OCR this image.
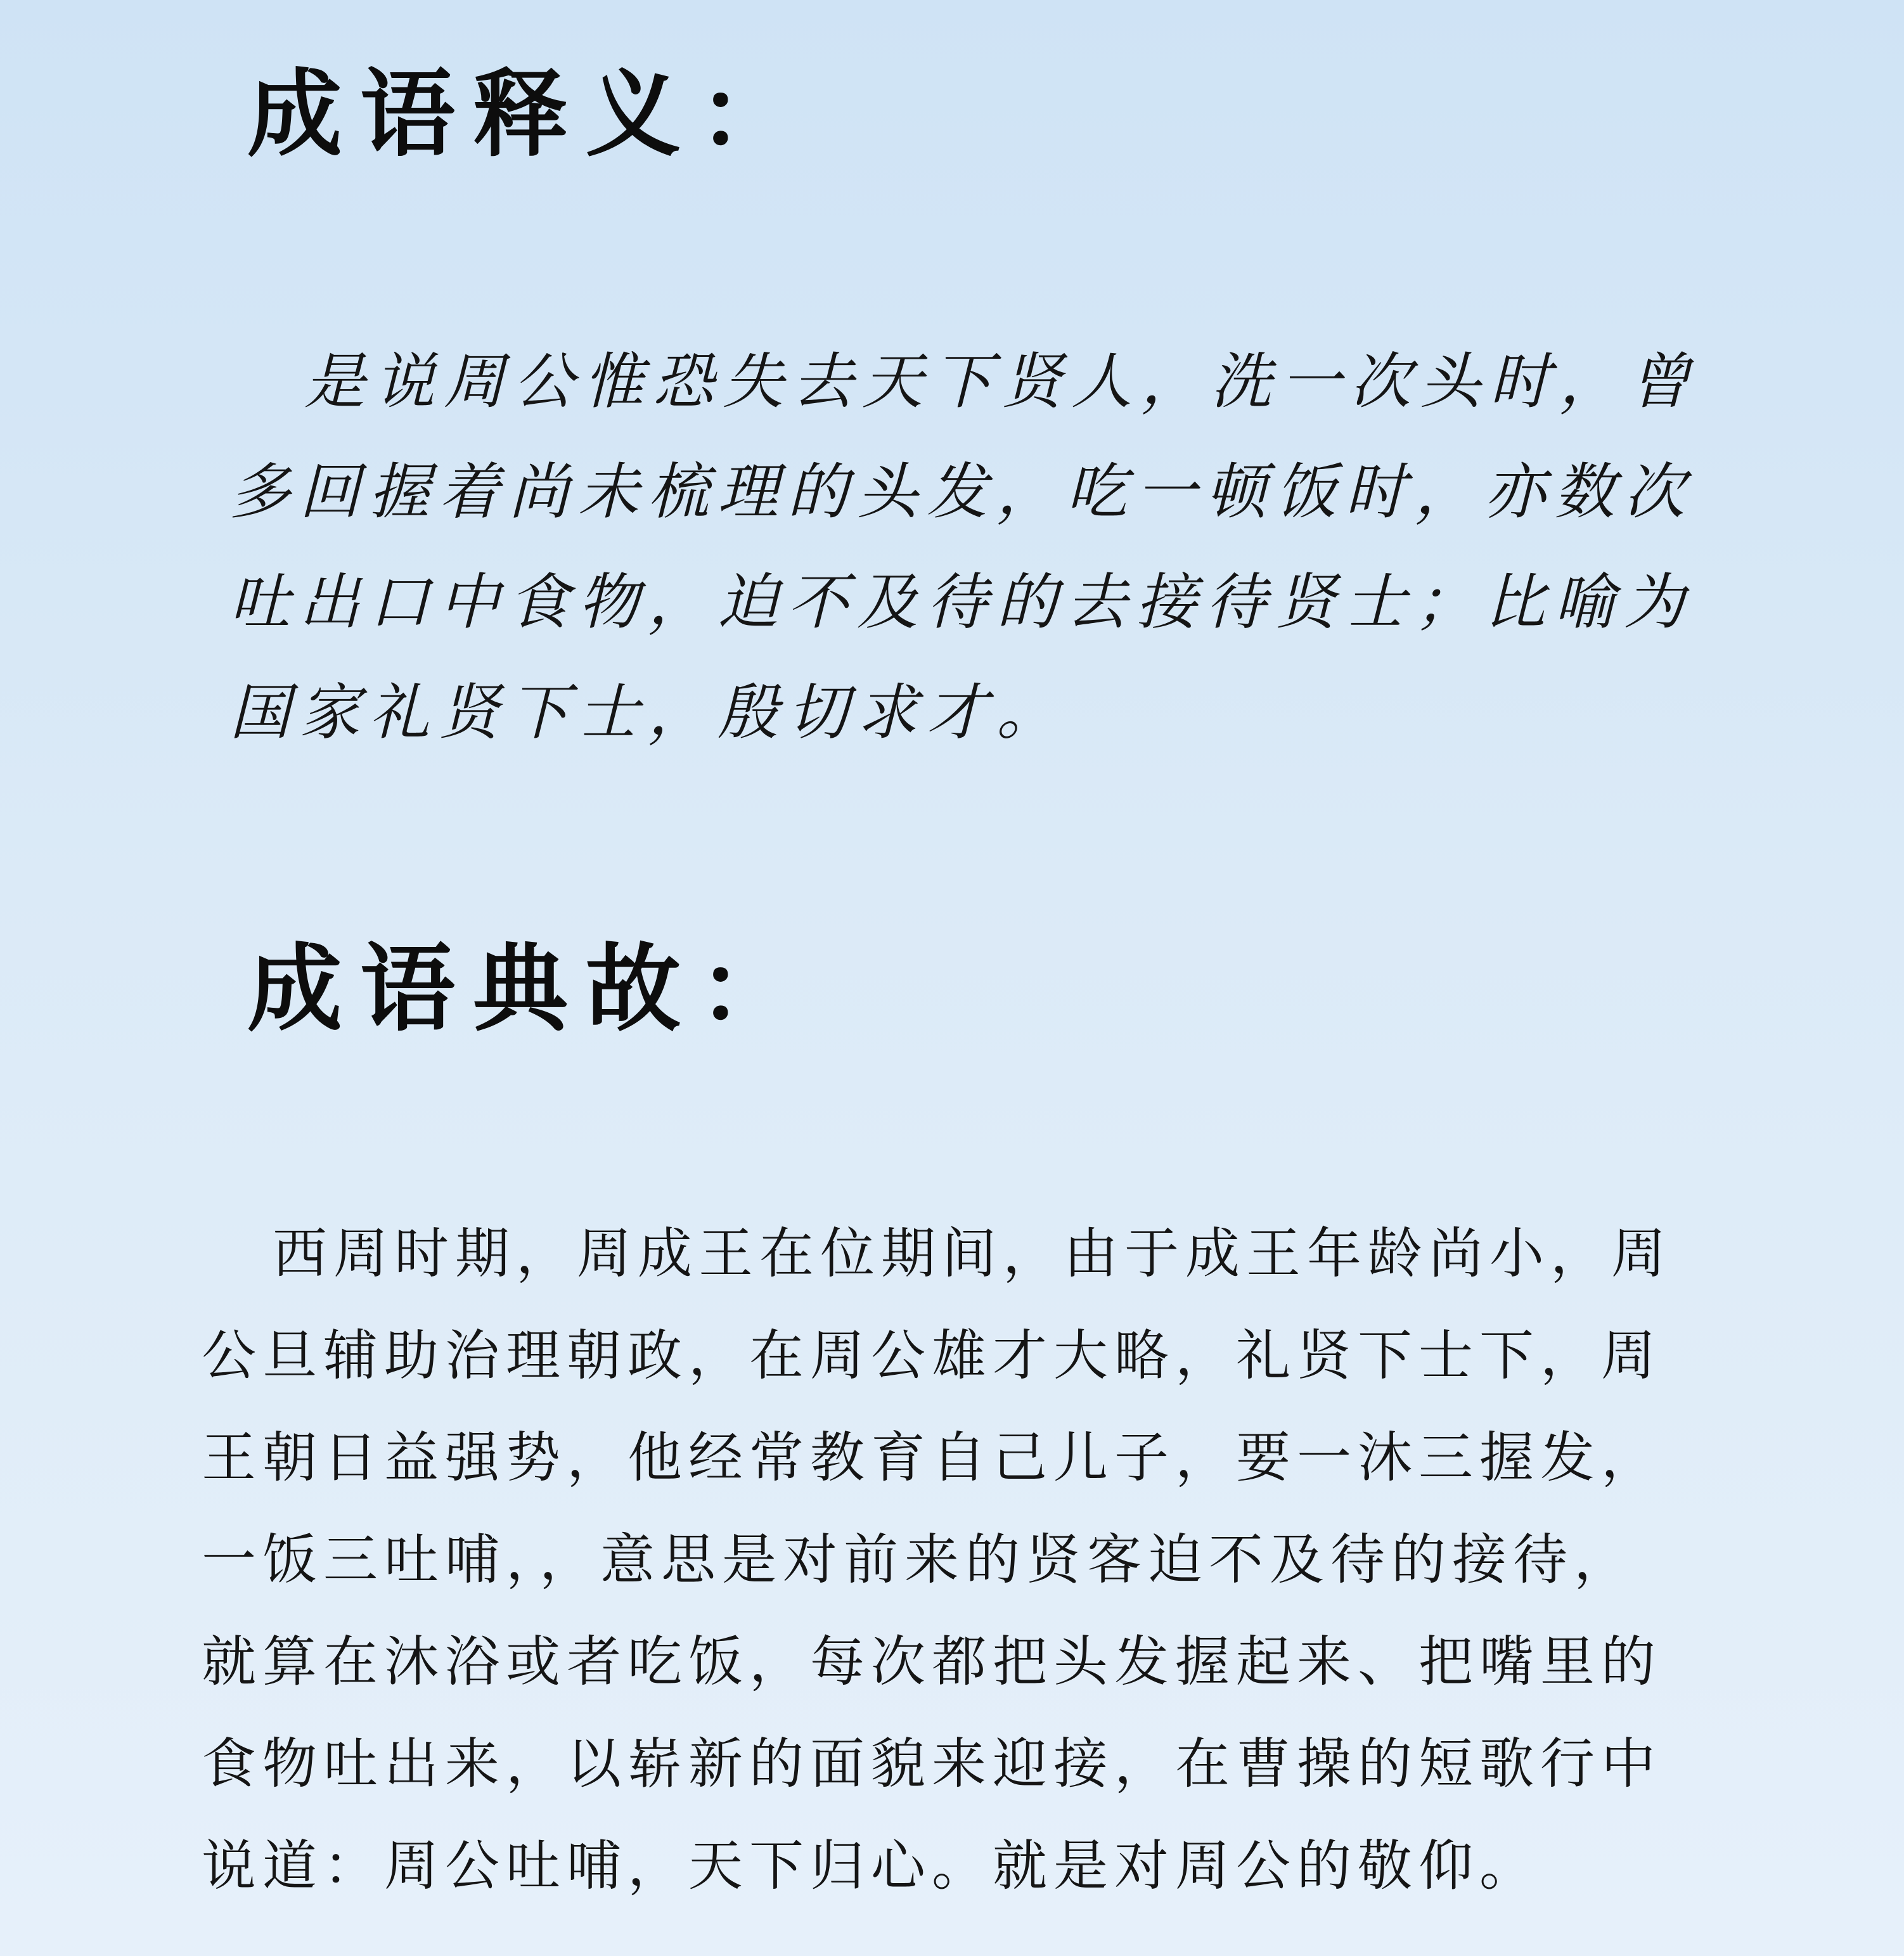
成语释义：
是说周公惟恐失去天下贤人，洗一次头时，曾
多回握着尚未梳理的头发，吃一顿饭时，亦数次
吐出口中食物，迫不及待的去接待贤士；比喻为
国家礼贤下士，殷切求才。
成语典故：
西周时期，周成王在位期间，由于成王年龄尚小，周
公旦辅助治理朝政，在周公雄才大略，礼贤下士下，周
王朝日益强势，他经常教育自己儿子，要一沐三握发，
一饭三吐哺，，意思是对前来的贤客迫不及待的接待，
就算在沐浴或者吃饭，每次都把头发握起来、把嘴里的
食物吐出来，以崭新的面貌来迎接，在曹操的短歌行中
说道：周公吐哺，天下归心。就是对周公的敬仰。
